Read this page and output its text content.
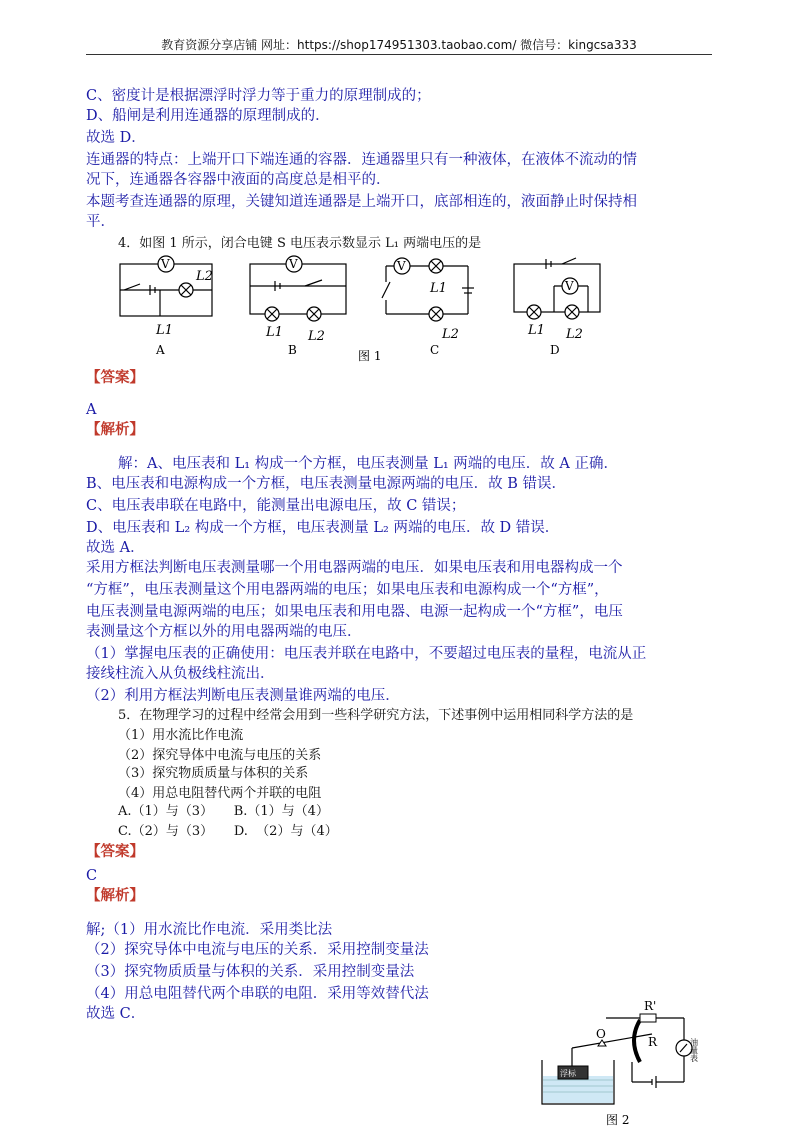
教育资源分享店铺 网址：https://shop174951303.taobao.com/ 微信号：kingcsa333
C、密度计是根据漂浮时浮力等于重力的原理制成的；
D、船闸是利用连通器的原理制成的．
故选 D．
连通器的特点：上端开口下端连通的容器．连通器里只有一种液体，在液体不流动的情
况下，连通器各容器中液面的高度总是相平的．
本题考查连通器的原理，关键知道连通器是上端开口，底部相连的，液面静止时保持相
平．
4．如图 1 所示，闭合电键 S 电压表示数显示 L₁ 两端电压的是
V
L2
L1
A
V
L1 L2
B
V
L1
L2
C
V
L1 L2
D
图 1
【答案】
A
【解析】
解：A、电压表和 L₁ 构成一个方框，电压表测量 L₁ 两端的电压．故 A 正确．
B、电压表和电源构成一个方框，电压表测量电源两端的电压．故 B 错误．
C、电压表串联在电路中，能测量出电源电压，故 C 错误；
D、电压表和 L₂ 构成一个方框，电压表测量 L₂ 两端的电压．故 D 错误．
故选 A．
采用方框法判断电压表测量哪一个用电器两端的电压．如果电压表和用电器构成一个
“方框”，电压表测量这个用电器两端的电压；如果电压表和电源构成一个“方框”，
电压表测量电源两端的电压；如果电压表和用电器、电源一起构成一个“方框”，电压
表测量这个方框以外的用电器两端的电压．
（1）掌握电压表的正确使用：电压表并联在电路中，不要超过电压表的量程，电流从正
接线柱流入从负极线柱流出．
（2）利用方框法判断电压表测量谁两端的电压．
5．在物理学习的过程中经常会用到一些科学研究方法，下述事例中运用相同科学方法的是
（1）用水流比作电流
（2）探究导体中电流与电压的关系
（3）探究物质质量与体积的关系
（4）用总电阻替代两个并联的电阻
A.（1）与（3）     B.（1）与（4）
C.（2）与（3）     D.  （2）与（4）
【答案】
C
【解析】
解;（1）用水流比作电流．采用类比法
（2）探究导体中电流与电压的关系．采用控制变量法
（3）探究物质质量与体积的关系．采用控制变量法
（4）用总电阻替代两个串联的电阻．采用等效替代法
故选 C．
浮标
O
R
R'
油量表
图 2
